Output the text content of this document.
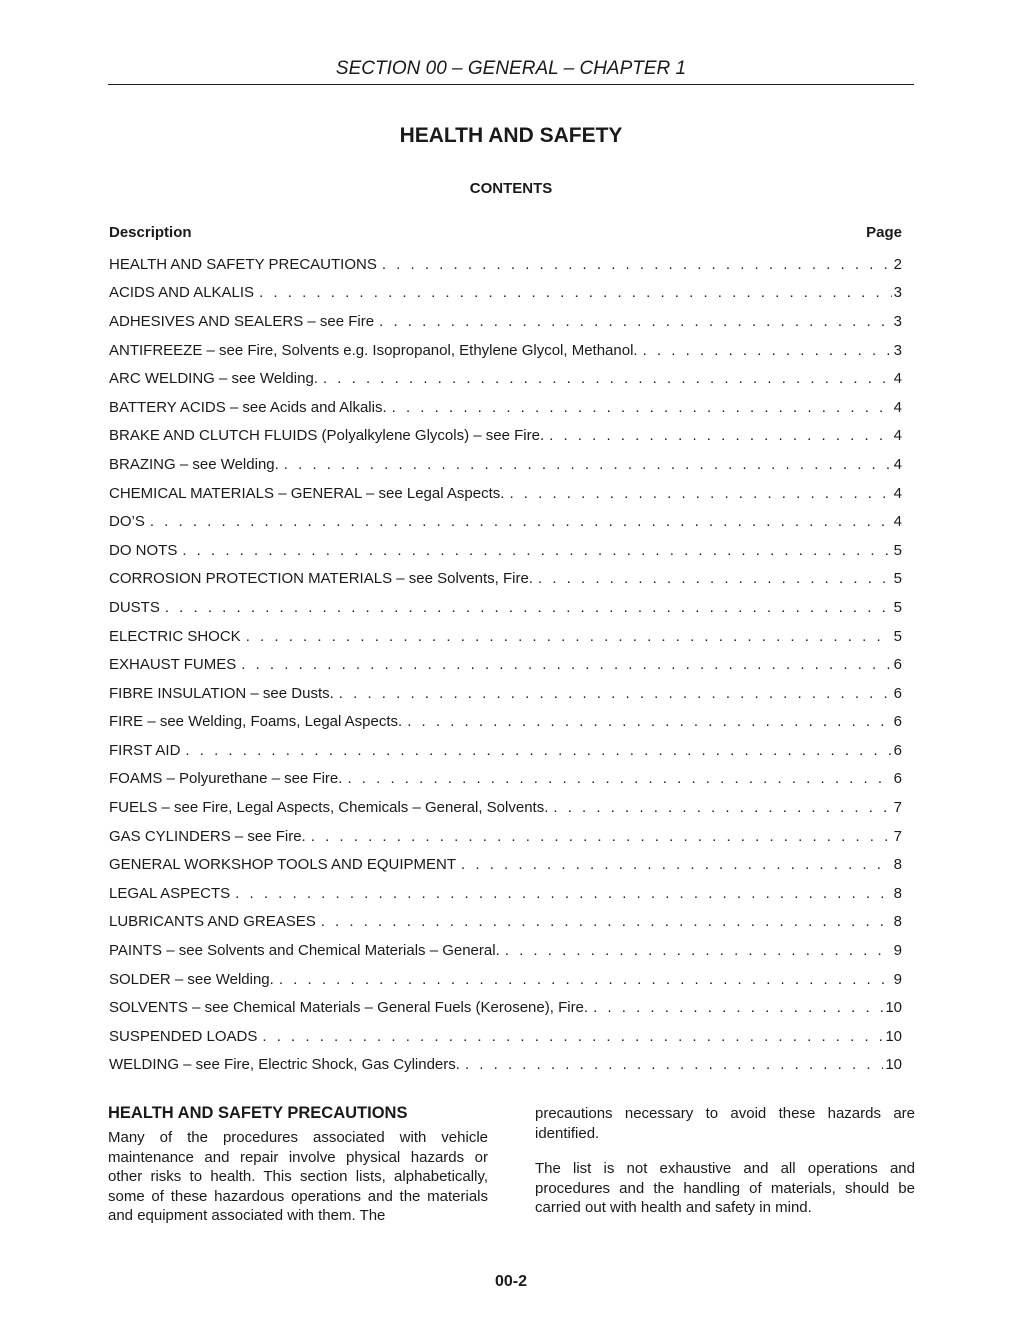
SECTION 00 – GENERAL – CHAPTER 1
HEALTH AND SAFETY
CONTENTS
Description	Page
HEALTH AND SAFETY PRECAUTIONS . . .	2
ACIDS AND ALKALIS . . .	3
ADHESIVES AND SEALERS – see Fire . . .	3
ANTIFREEZE – see Fire, Solvents e.g. Isopropanol, Ethylene Glycol, Methanol. . . .	3
ARC WELDING – see Welding. . . .	4
BATTERY ACIDS – see Acids and Alkalis. . . .	4
BRAKE AND CLUTCH FLUIDS (Polyalkylene Glycols) – see Fire. . . .	4
BRAZING – see Welding. . . .	4
CHEMICAL MATERIALS – GENERAL – see Legal Aspects. . . .	4
DO’S . . .	4
DO NOTS . . .	5
CORROSION PROTECTION MATERIALS – see Solvents, Fire. . . .	5
DUSTS . . .	5
ELECTRIC SHOCK . . .	5
EXHAUST FUMES . . .	6
FIBRE INSULATION – see Dusts. . . .	6
FIRE – see Welding, Foams, Legal Aspects. . . .	6
FIRST AID . . .	6
FOAMS – Polyurethane – see Fire. . . .	6
FUELS – see Fire, Legal Aspects, Chemicals – General, Solvents. . . .	7
GAS CYLINDERS – see Fire. . . .	7
GENERAL WORKSHOP TOOLS AND EQUIPMENT . . .	8
LEGAL ASPECTS . . .	8
LUBRICANTS AND GREASES . . .	8
PAINTS – see Solvents and Chemical Materials – General. . . .	9
SOLDER – see Welding. . . .	9
SOLVENTS – see Chemical Materials – General Fuels (Kerosene), Fire. . . .	10
SUSPENDED LOADS . . .	10
WELDING – see Fire, Electric Shock, Gas Cylinders. . . .	10
HEALTH AND SAFETY PRECAUTIONS

Many of the procedures associated with vehicle maintenance and repair involve physical hazards or other risks to health. This section lists, alphabetically, some of these hazardous operations and the materials and equipment associated with them. The

precautions necessary to avoid these hazards are identified.

The list is not exhaustive and all operations and procedures and the handling of materials, should be carried out with health and safety in mind.

00-2
